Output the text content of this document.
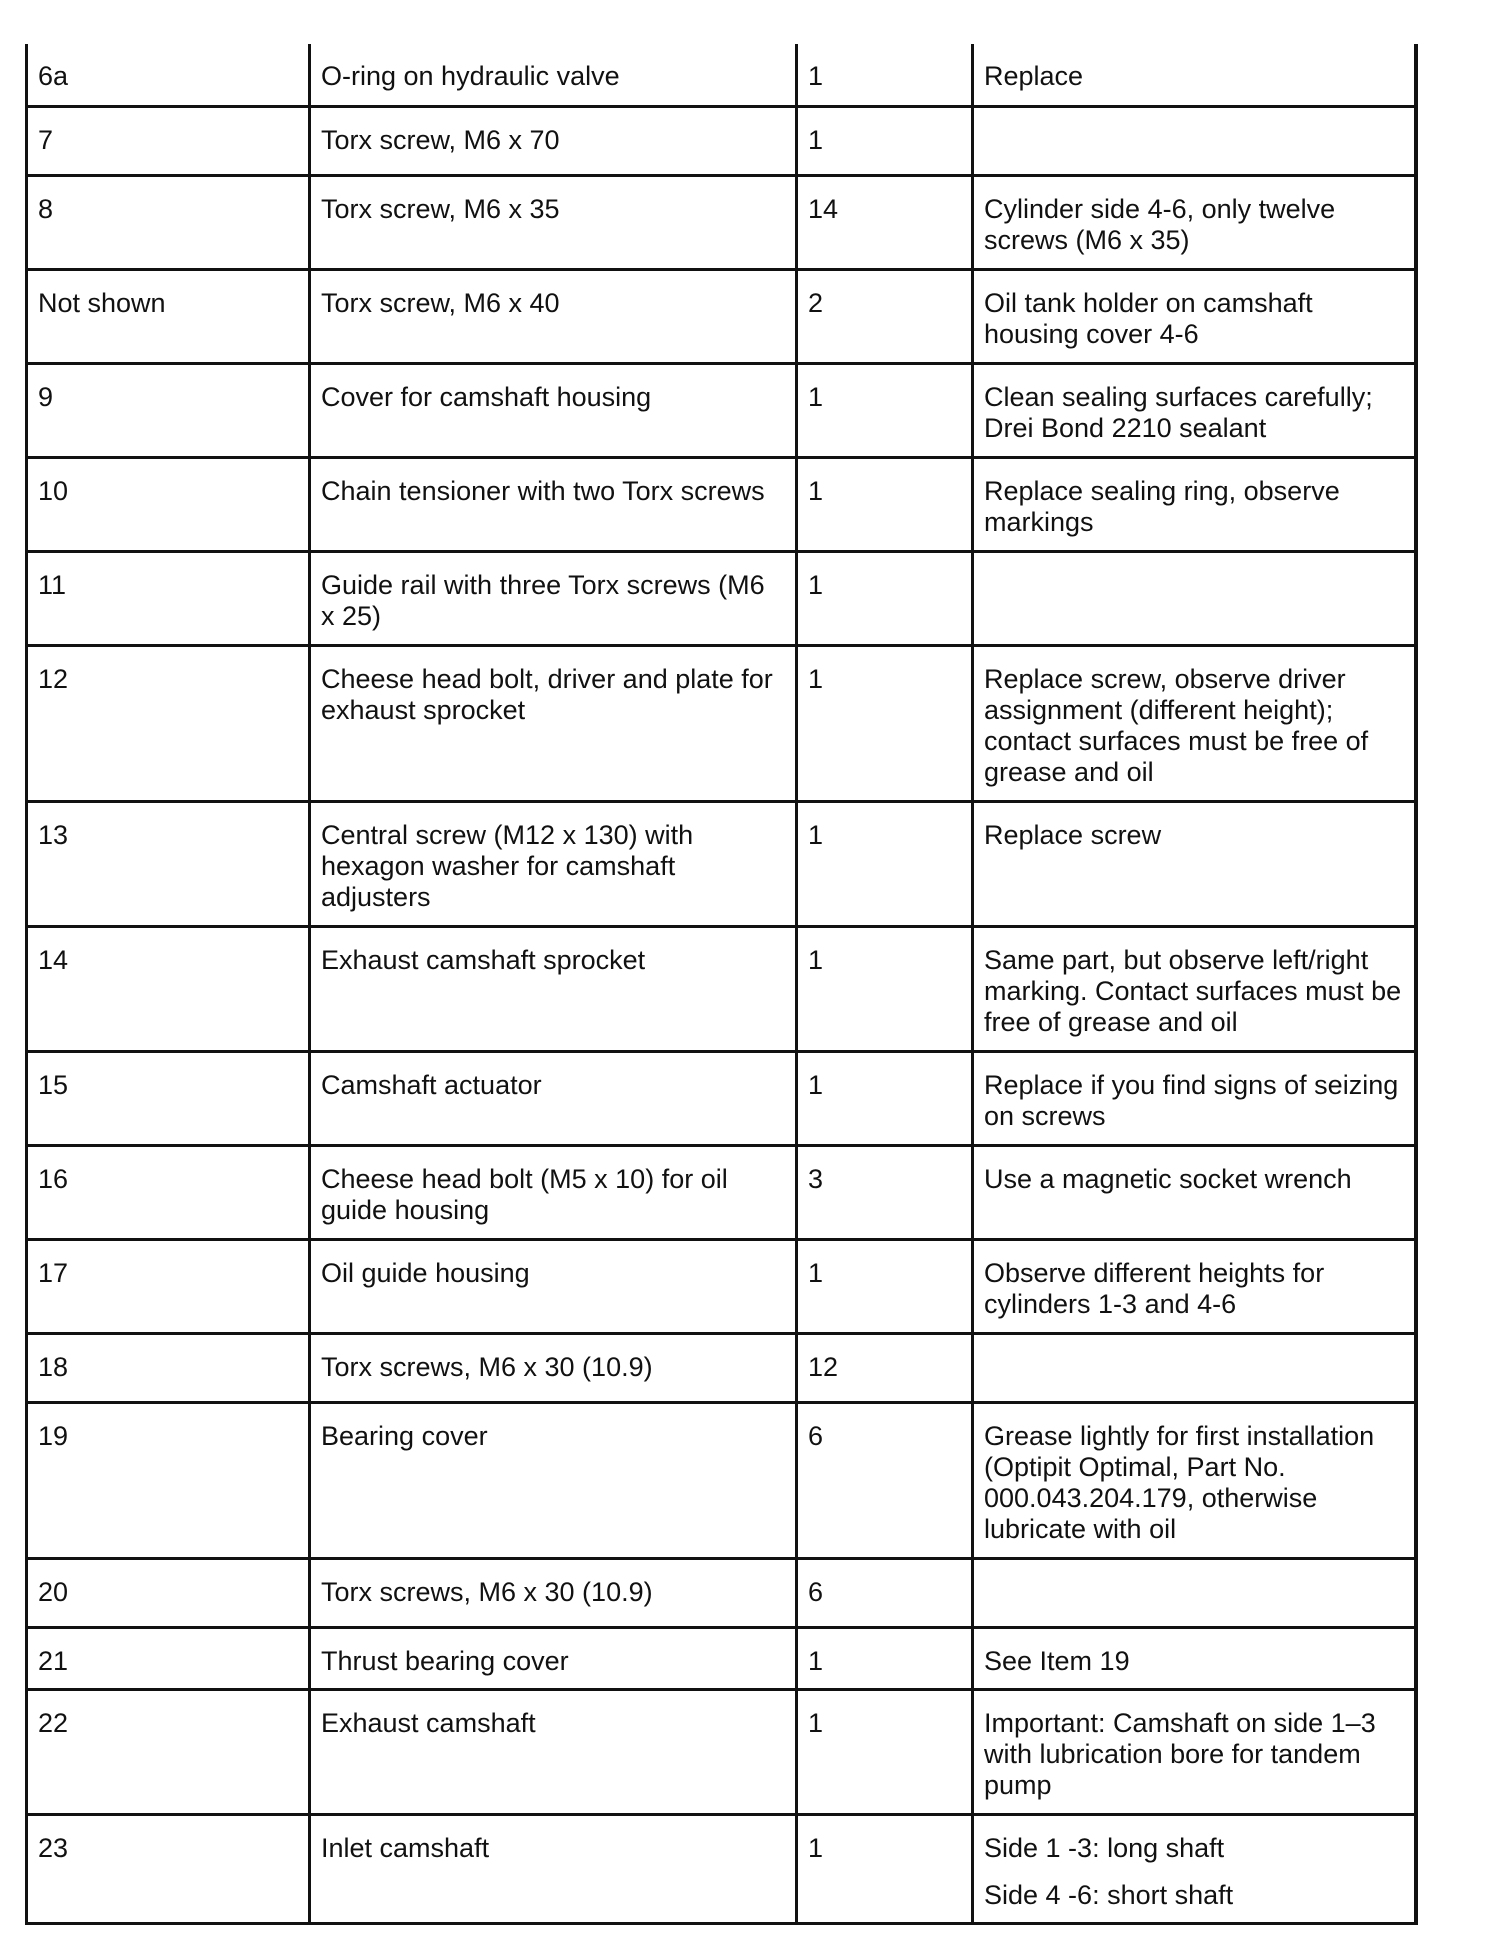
6a	O-ring on hydraulic valve	1	Replace

7	Torx screw, M6 x 70	1	

8	Torx screw, M6 x 35	14	Cylinder side 4-6, only twelve screws (M6 x 35)

Not shown	Torx screw, M6 x 40	2	Oil tank holder on camshaft housing cover 4-6

9	Cover for camshaft housing	1	Clean sealing surfaces carefully; Drei Bond 2210 sealant

10	Chain tensioner with two Torx screws	1	Replace sealing ring, observe markings

11	Guide rail with three Torx screws (M6 x 25)	1	

12	Cheese head bolt, driver and plate for exhaust sprocket	1	Replace screw, observe driver assignment (different height); contact surfaces must be free of grease and oil

13	Central screw (M12 x 130) with hexagon washer for camshaft adjusters	1	Replace screw

14	Exhaust camshaft sprocket	1	Same part, but observe left/right marking. Contact surfaces must be free of grease and oil

15	Camshaft actuator	1	Replace if you find signs of seizing on screws

16	Cheese head bolt (M5 x 10) for oil guide housing	3	Use a magnetic socket wrench

17	Oil guide housing	1	Observe different heights for cylinders 1-3 and 4-6

18	Torx screws, M6 x 30 (10.9)	12	

19	Bearing cover	6	Grease lightly for first installation (Optipit Optimal, Part No. 000.043.204.179, otherwise lubricate with oil

20	Torx screws, M6 x 30 (10.9)	6	

21	Thrust bearing cover	1	See Item 19

22	Exhaust camshaft	1	Important: Camshaft on side 1–3 with lubrication bore for tandem pump

23	Inlet camshaft	1	Side 1 -3: long shaft
Side 4 -6: short shaft
